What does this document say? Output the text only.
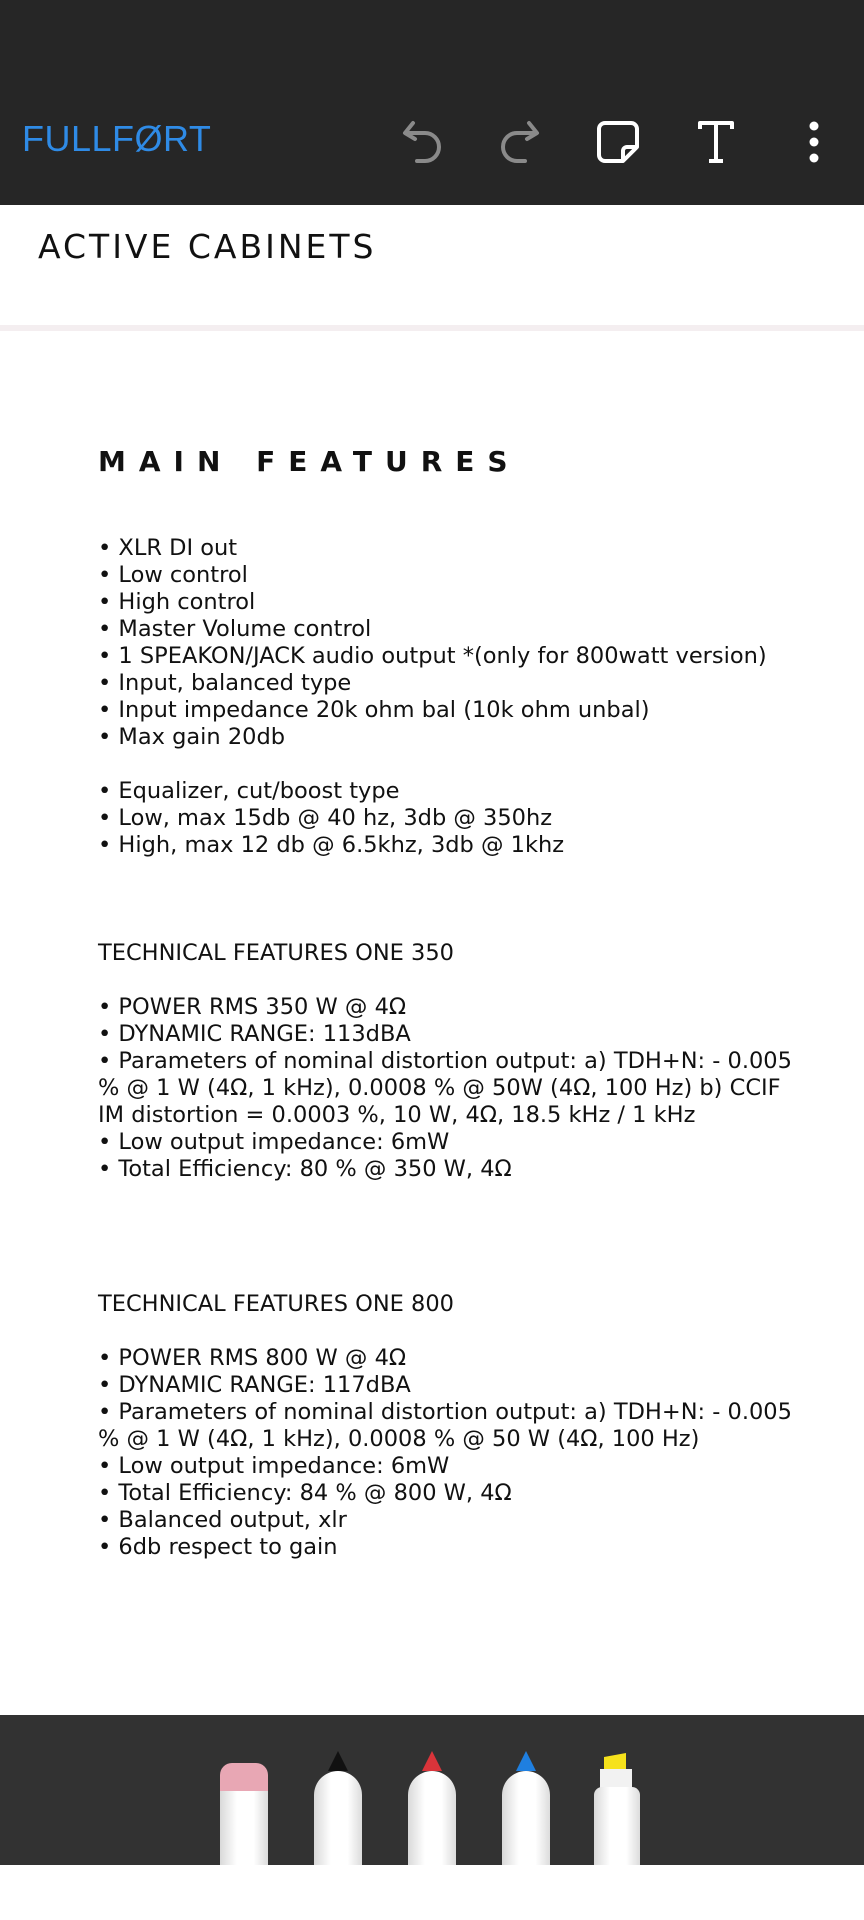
FULLFØRT
ACTIVE CABINETS
MAIN FEATURES
• XLR DI out
• Low control
• High control
• Master Volume control
• 1 SPEAKON/JACK audio output *(only for 800watt version)
• Input, balanced type
• Input impedance 20k ohm bal (10k ohm unbal)
• Max gain 20db
• Equalizer, cut/boost type
• Low, max 15db @ 40 hz, 3db @ 350hz
• High, max 12 db @ 6.5khz, 3db @ 1khz
TECHNICAL FEATURES ONE 350
• POWER RMS 350 W @ 4Ω
• DYNAMIC RANGE: 113dBA
• Parameters of nominal distortion output: a) TDH+N: - 0.005
% @ 1 W (4Ω, 1 kHz), 0.0008 % @ 50W (4Ω, 100 Hz) b) CCIF
IM distortion = 0.0003 %, 10 W, 4Ω, 18.5 kHz / 1 kHz
• Low output impedance: 6mW
• Total Efficiency: 80 % @ 350 W, 4Ω
TECHNICAL FEATURES ONE 800
• POWER RMS 800 W @ 4Ω
• DYNAMIC RANGE: 117dBA
• Parameters of nominal distortion output: a) TDH+N: - 0.005
% @ 1 W (4Ω, 1 kHz), 0.0008 % @ 50 W (4Ω, 100 Hz)
• Low output impedance: 6mW
• Total Efficiency: 84 % @ 800 W, 4Ω
• Balanced output, xlr
• 6db respect to gain
